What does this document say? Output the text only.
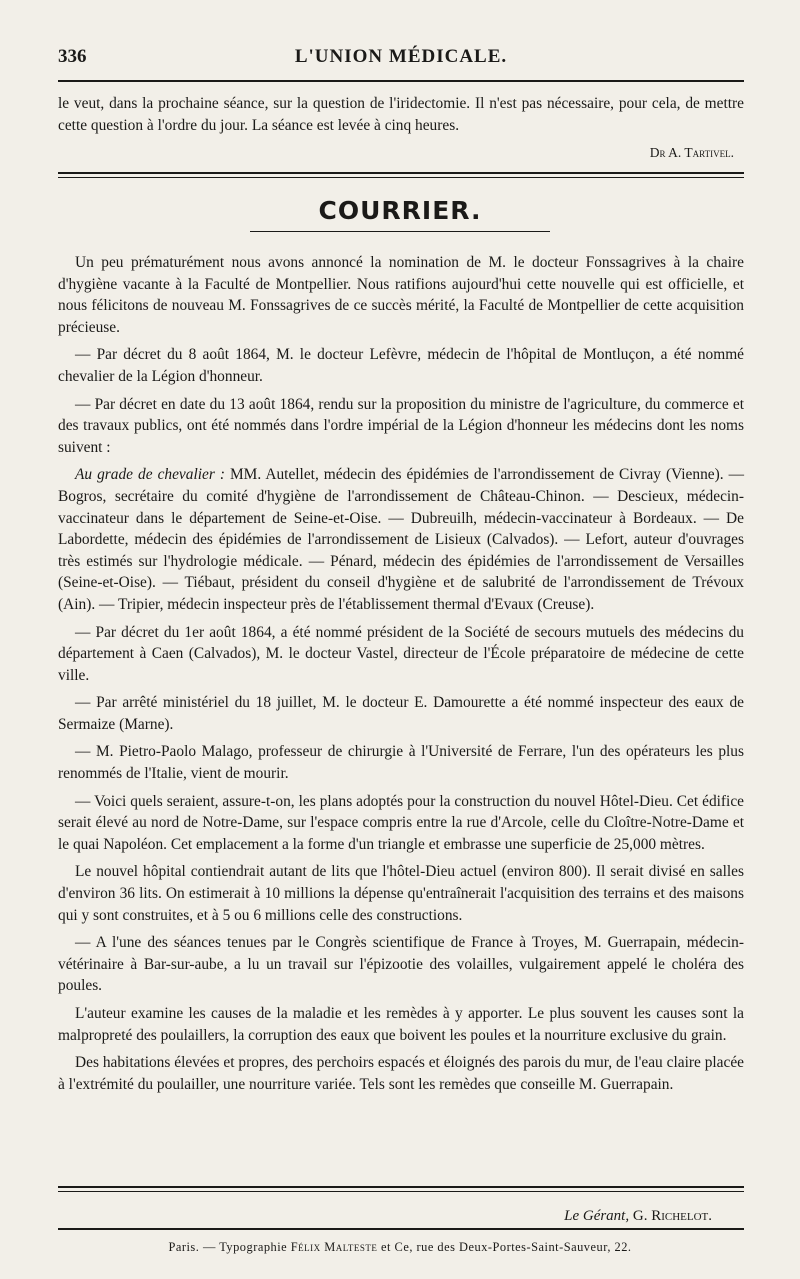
336	L'UNION MÉDICALE.

le veut, dans la prochaine séance, sur la question de l'iridectomie. Il n'est pas nécessaire, pour cela, de mettre cette question à l'ordre du jour. La séance est levée à cinq heures.

Dr A. Tartivel.
COURRIER.

Un peu prématurément nous avons annoncé la nomination de M. le docteur Fonssagrives à la chaire d'hygiène vacante à la Faculté de Montpellier. Nous ratifions aujourd'hui cette nouvelle qui est officielle, et nous félicitons de nouveau M. Fonssagrives de ce succès mérité, la Faculté de Montpellier de cette acquisition précieuse.

— Par décret du 8 août 1864, M. le docteur Lefèvre, médecin de l'hôpital de Montluçon, a été nommé chevalier de la Légion d'honneur.

— Par décret en date du 13 août 1864, rendu sur la proposition du ministre de l'agriculture, du commerce et des travaux publics, ont été nommés dans l'ordre impérial de la Légion d'honneur les médecins dont les noms suivent :

Au grade de chevalier : MM. Autellet, médecin des épidémies de l'arrondissement de Civray (Vienne). — Bogros, secrétaire du comité d'hygiène de l'arrondissement de Château-Chinon. — Descieux, médecin-vaccinateur dans le département de Seine-et-Oise. — Dubreuilh, médecin-vaccinateur à Bordeaux. — De Labordette, médecin des épidémies de l'arrondissement de Lisieux (Calvados). — Lefort, auteur d'ouvrages très estimés sur l'hydrologie médicale. — Pénard, médecin des épidémies de l'arrondissement de Versailles (Seine-et-Oise). — Tiébaut, président du conseil d'hygiène et de salubrité de l'arrondissement de Trévoux (Ain). — Tripier, médecin inspecteur près de l'établissement thermal d'Evaux (Creuse).

— Par décret du 1er août 1864, a été nommé président de la Société de secours mutuels des médecins du département à Caen (Calvados), M. le docteur Vastel, directeur de l'École préparatoire de médecine de cette ville.

— Par arrêté ministériel du 18 juillet, M. le docteur E. Damourette a été nommé inspecteur des eaux de Sermaize (Marne).

— M. Pietro-Paolo Malago, professeur de chirurgie à l'Université de Ferrare, l'un des opérateurs les plus renommés de l'Italie, vient de mourir.

— Voici quels seraient, assure-t-on, les plans adoptés pour la construction du nouvel Hôtel-Dieu. Cet édifice serait élevé au nord de Notre-Dame, sur l'espace compris entre la rue d'Arcole, celle du Cloître-Notre-Dame et le quai Napoléon. Cet emplacement a la forme d'un triangle et embrasse une superficie de 25,000 mètres.

Le nouvel hôpital contiendrait autant de lits que l'hôtel-Dieu actuel (environ 800). Il serait divisé en salles d'environ 36 lits. On estimerait à 10 millions la dépense qu'entraînerait l'acquisition des terrains et des maisons qui y sont construites, et à 5 ou 6 millions celle des constructions.

— A l'une des séances tenues par le Congrès scientifique de France à Troyes, M. Guerrapain, médecin-vétérinaire à Bar-sur-aube, a lu un travail sur l'épizootie des volailles, vulgairement appelé le choléra des poules.

L'auteur examine les causes de la maladie et les remèdes à y apporter. Le plus souvent les causes sont la malpropreté des poulaillers, la corruption des eaux que boivent les poules et la nourriture exclusive du grain.

Des habitations élevées et propres, des perchoirs espacés et éloignés des parois du mur, de l'eau claire placée à l'extrémité du poulailler, une nourriture variée. Tels sont les remèdes que conseille M. Guerrapain.

Le Gérant, G. Richelot.
Paris. — Typographie Félix Malteste et Ce, rue des Deux-Portes-Saint-Sauveur, 22.
